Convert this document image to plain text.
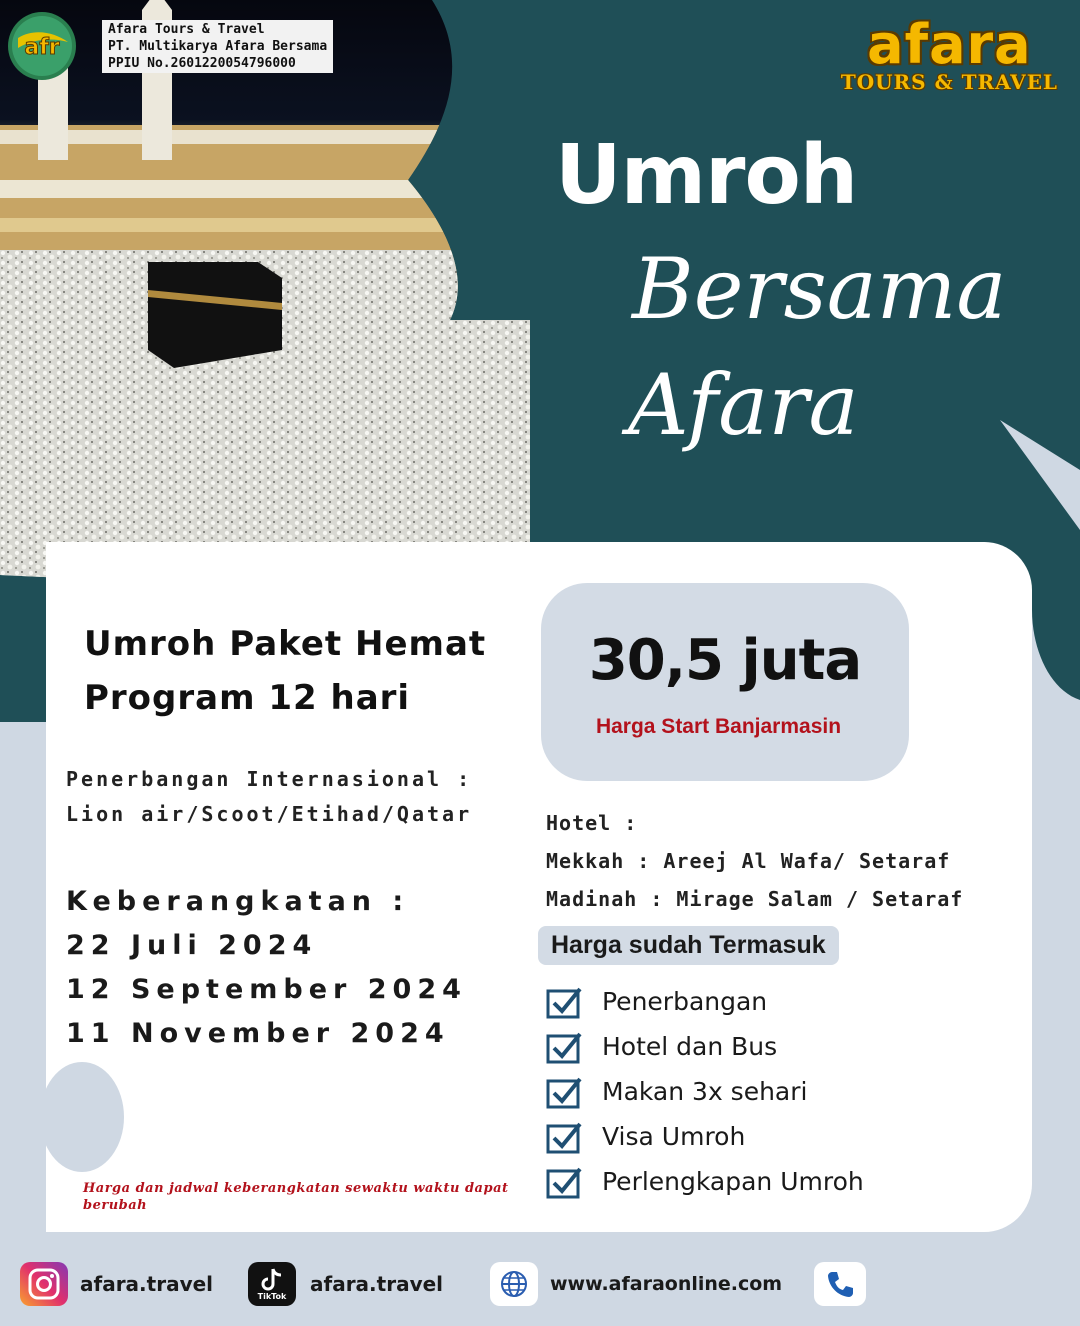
afr
Afara Tours & Travel
PT. Multikarya Afara Bersama
PPIU No.2601220054796000	afara
TOURS & TRAVEL
Umroh
Bersama
Afara
Umroh Paket Hemat
Program 12 hari
30,5 juta
Harga Start Banjarmasin
Penerbangan Internasional :
Lion air/Scoot/Etihad/Qatar
Keberangkatan :
22 Juli 2024
12 September 2024
11 November 2024
Hotel :
Mekkah : Areej Al Wafa/ Setaraf
Madinah : Mirage Salam / Setaraf
Harga sudah Termasuk
Penerbangan
Hotel dan Bus
Makan 3x sehari
Visa Umroh
Perlengkapan Umroh
Harga dan jadwal keberangkatan sewaktu waktu dapat berubah
afara.travel
TikTok
afara.travel	www.afaraonline.com
